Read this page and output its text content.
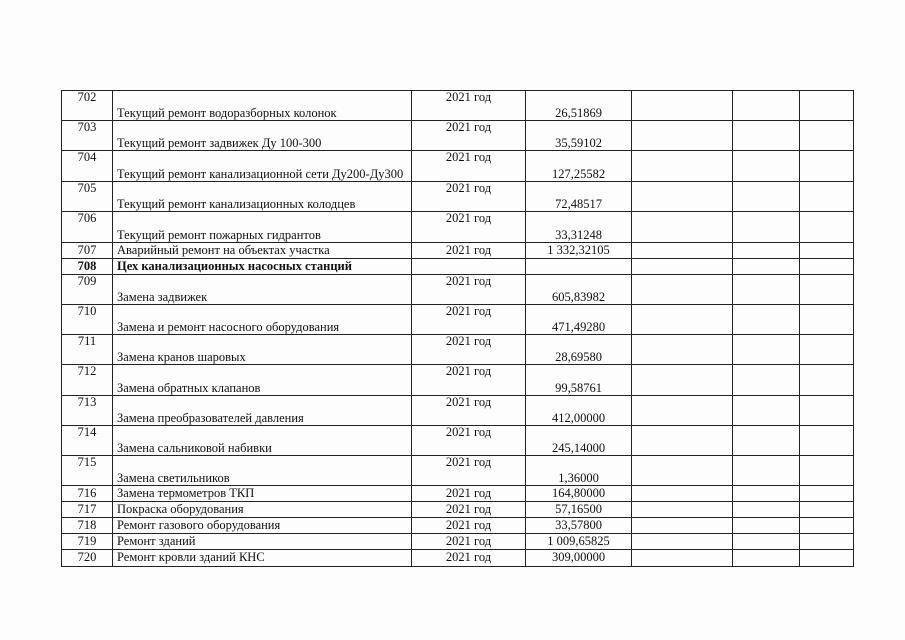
702	Текущий ремонт водоразборных колонок	2021 год	26,51869			
703	Текущий ремонт задвижек Ду 100-300	2021 год	35,59102			
704	Текущий ремонт канализационной сети Ду200-Ду300	2021 год	127,25582			
705	Текущий ремонт канализационных колодцев	2021 год	72,48517			
706	Текущий ремонт пожарных гидрантов	2021 год	33,31248			
707	Аварийный ремонт на объектах участка	2021 год	1 332,32105			
708	Цех канализационных насосных станций					
709	Замена задвижек	2021 год	605,83982			
710	Замена и ремонт насосного оборудования	2021 год	471,49280			
711	Замена кранов шаровых	2021 год	28,69580			
712	Замена обратных клапанов	2021 год	99,58761			
713	Замена преобразователей давления	2021 год	412,00000			
714	Замена сальниковой набивки	2021 год	245,14000			
715	Замена светильников	2021 год	1,36000			
716	Замена термометров ТКП	2021 год	164,80000			
717	Покраска оборудования	2021 год	57,16500			
718	Ремонт газового оборудования	2021 год	33,57800			
719	Ремонт зданий	2021 год	1 009,65825			
720	Ремонт кровли зданий КНС	2021 год	309,00000			
